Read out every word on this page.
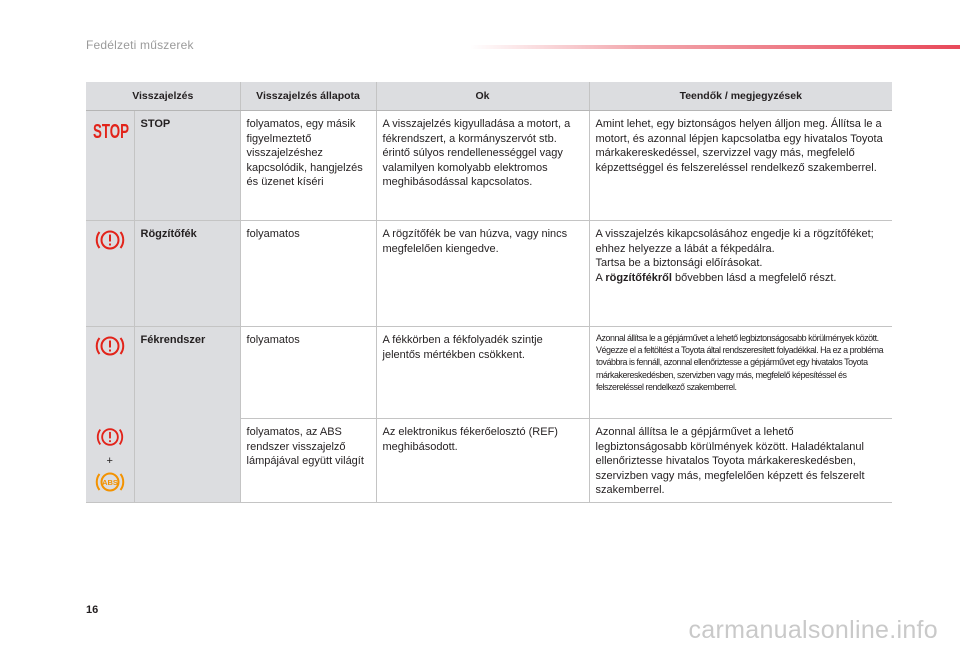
Fedélzeti műszerek
Visszajelzés		Visszajelzés állapota	Ok	Teendők / megjegyzések

STOP	STOP	folyamatos, egy másik figyelmeztető visszajelzéshez kapcsolódik, hangjelzés és üzenet kíséri	A visszajelzés kigyulladása a motort, a fékrendszert, a kormányszervót stb. érintő súlyos rendellenességgel vagy valamilyen komolyabb elektromos meghibásodással kapcsolatos.	Amint lehet, egy biztonságos helyen álljon meg. Állítsa le a motort, és azonnal lépjen kapcsolatba egy hivatalos Toyota márkakereskedéssel, szervizzel vagy más, megfelelő képzettséggel és felszereléssel rendelkező szakemberrel.
	Rögzítőfék	folyamatos	A rögzítőfék be van húzva, vagy nincs megfelelően kiengedve.	A visszajelzés kikapcsolásához engedje ki a rögzítőféket; ehhez helyezze a lábát a fékpedálra.
Tartsa be a biztonsági előírásokat.
A rögzítőfékről bővebben lásd a megfelelő részt.

	Fékrendszer	folyamatos	A fékkörben a fékfolyadék szintje jelentős mértékben csökkent.	Azonnal állítsa le a gépjárművet a lehető legbiztonságosabb körülmények között. Végezze el a feltöltést a Toyota által rendszeresített folyadékkal. Ha ez a probléma továbbra is fennáll, azonnal ellenőriztesse a gépjárművet egy hivatalos Toyota márkakereskedésben, szervizben vagy más, megfelelő képesítéssel és felszereléssel rendelkező szakemberrel.

+
ABS		folyamatos, az ABS rendszer visszajelző lámpájával együtt világít	Az elektronikus fékerőelosztó (REF) meghibásodott.	Azonnal állítsa le a gépjárművet a lehető legbiztonságosabb körülmények között. Haladéktalanul ellenőriztesse hivatalos Toyota márkakereskedésben, szervizben vagy más, megfelelően képzett és felszerelt szakemberrel.
16
carmanualsonline.info
